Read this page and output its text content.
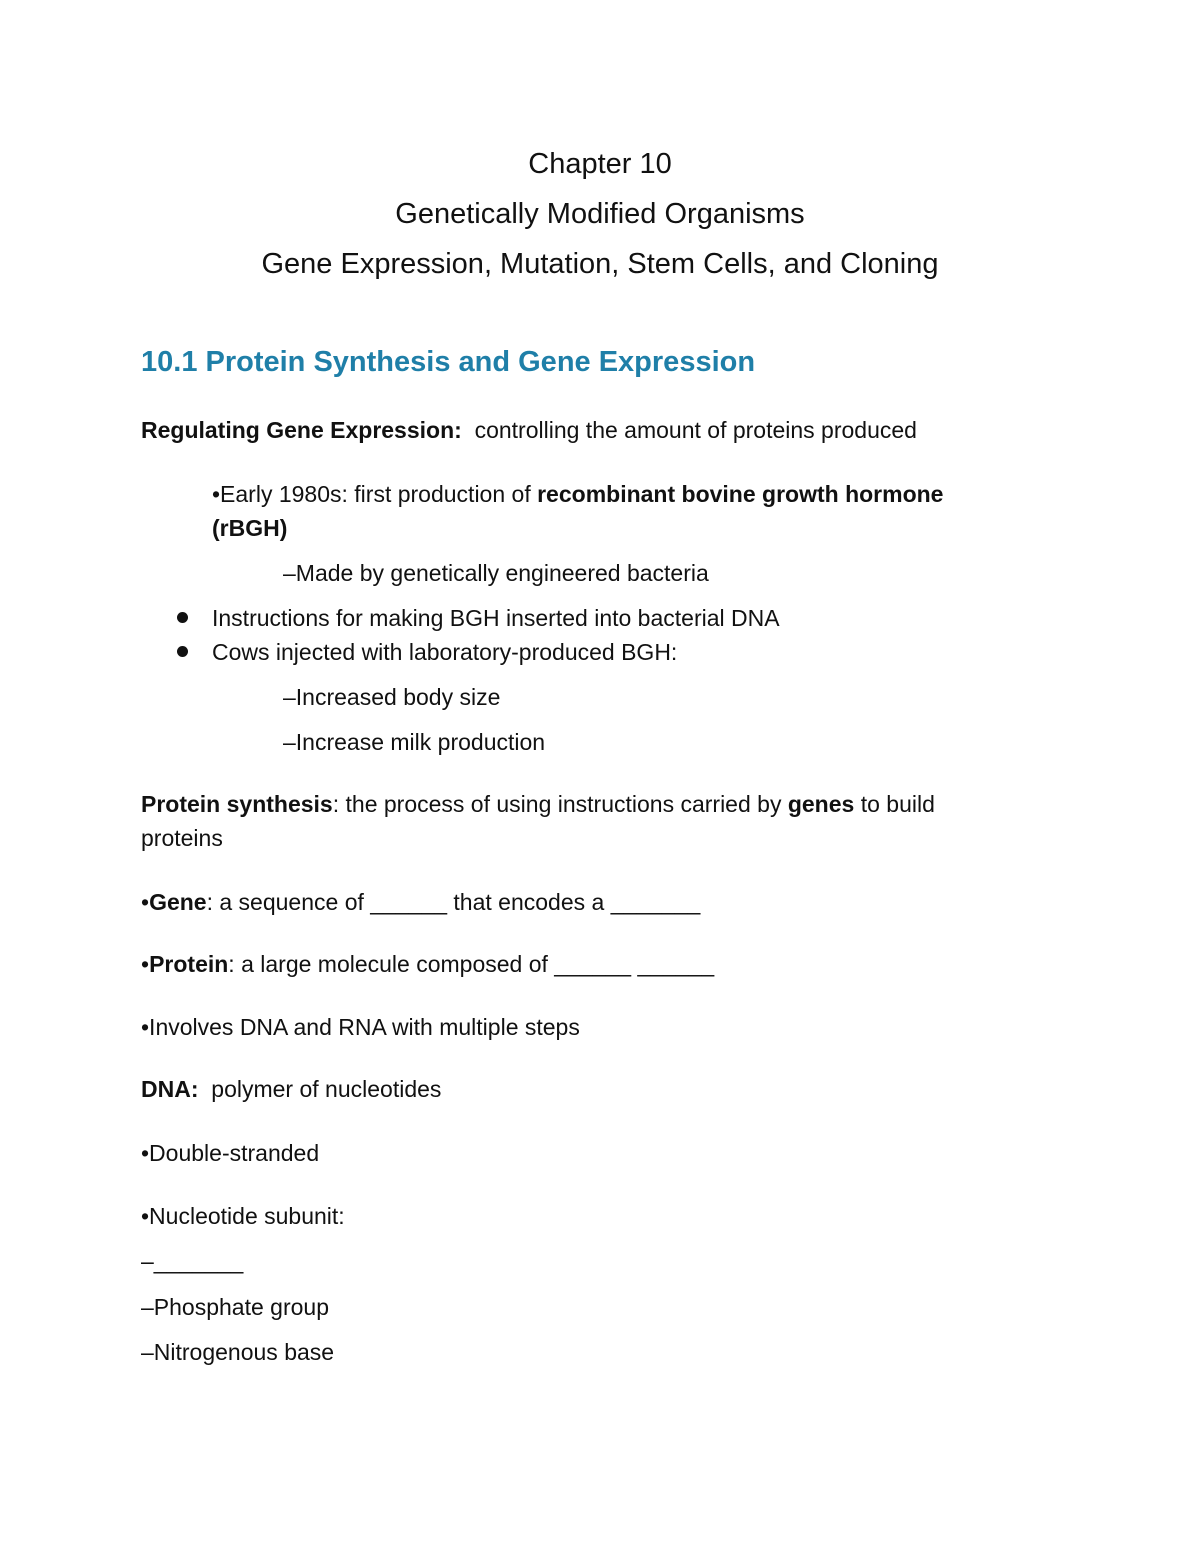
Chapter 10
Genetically Modified Organisms
Gene Expression, Mutation, Stem Cells, and Cloning
10.1 Protein Synthesis and Gene Expression
Regulating Gene Expression:  controlling the amount of proteins produced
•Early 1980s: first production of recombinant bovine growth hormone
(rBGH)
–Made by genetically engineered bacteria
Instructions for making BGH inserted into bacterial DNA
Cows injected with laboratory-produced BGH:
–Increased body size
–Increase milk production
Protein synthesis: the process of using instructions carried by genes to build
proteins
•Gene: a sequence of ______ that encodes a _______
•Protein: a large molecule composed of ______ ______
•Involves DNA and RNA with multiple steps
DNA:  polymer of nucleotides
•Double-stranded
•Nucleotide subunit:
–_______
–Phosphate group
–Nitrogenous base
